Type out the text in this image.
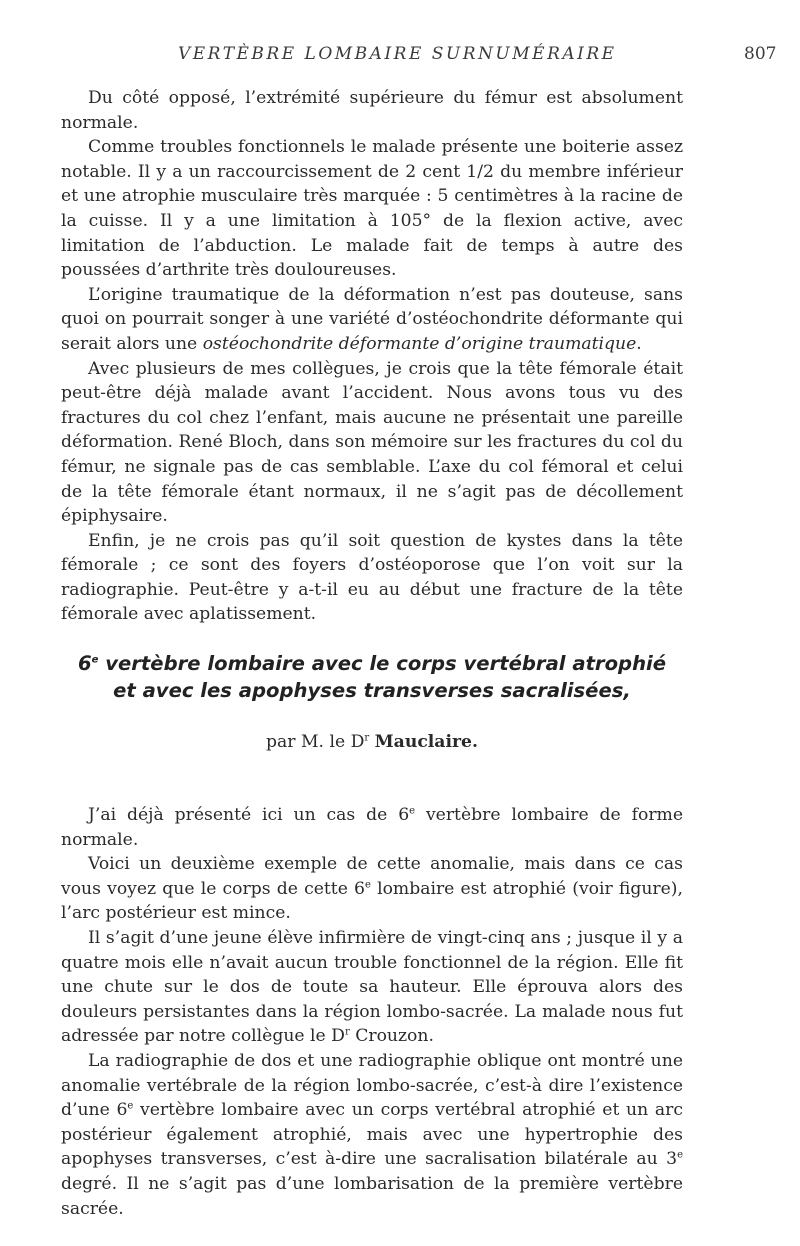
VERTÈBRE LOMBAIRE SURNUMÉRAIRE	807

Du côté opposé, l’extrémité supérieure du fémur est absolument normale.

Comme troubles fonctionnels le malade présente une boiterie assez notable. Il y a un raccourcissement de 2 cent 1/2 du membre inférieur et une atrophie musculaire très marquée : 5 centimètres à la racine de la cuisse. Il y a une limitation à 105° de la flexion active, avec limitation de l’abduction. Le malade fait de temps à autre des poussées d’arthrite très douloureuses.

L’origine traumatique de la déformation n’est pas douteuse, sans quoi on pourrait songer à une variété d’ostéochondrite déformante qui serait alors une ostéochondrite déformante d’origine traumatique.

Avec plusieurs de mes collègues, je crois que la tête fémorale était peut-être déjà malade avant l’accident. Nous avons tous vu des fractures du col chez l’enfant, mais aucune ne présentait une pareille déformation. René Bloch, dans son mémoire sur les fractures du col du fémur, ne signale pas de cas semblable. L’axe du col fémoral et celui de la tête fémorale étant normaux, il ne s’agit pas de décollement épiphysaire.

Enfin, je ne crois pas qu’il soit question de kystes dans la tête fémorale ; ce sont des foyers d’ostéoporose que l’on voit sur la radiographie. Peut-être y a-t-il eu au début une fracture de la tête fémorale avec aplatissement.

6e vertèbre lombaire avec le corps vertébral atrophié
et avec les apophyses transverses sacralisées,
par M. le $D^r$ Mauclaire.

J’ai déjà présenté ici un cas de 6e vertèbre lombaire de forme normale.

Voici un deuxième exemple de cette anomalie, mais dans ce cas vous voyez que le corps de cette 6e lombaire est atrophié (voir figure), l’arc postérieur est mince.

Il s’agit d’une jeune élève infirmière de vingt-cinq ans ; jusque il y a quatre mois elle n’avait aucun trouble fonctionnel de la région. Elle fit une chute sur le dos de toute sa hauteur. Elle éprouva alors des douleurs persistantes dans la région lombo-sacrée. La malade nous fut adressée par notre collègue le $D^r$ Crouzon.

La radiographie de dos et une radiographie oblique ont montré une anomalie vertébrale de la région lombo-sacrée, c’est-à dire l’existence d’une 6e vertèbre lombaire avec un corps vertébral atrophié et un arc postérieur également atrophié, mais avec une hypertrophie des apophyses transverses, c’est à-dire une sacralisation bilatérale au 3e degré. Il ne s’agit pas d’une lombarisation de la première vertèbre sacrée.
